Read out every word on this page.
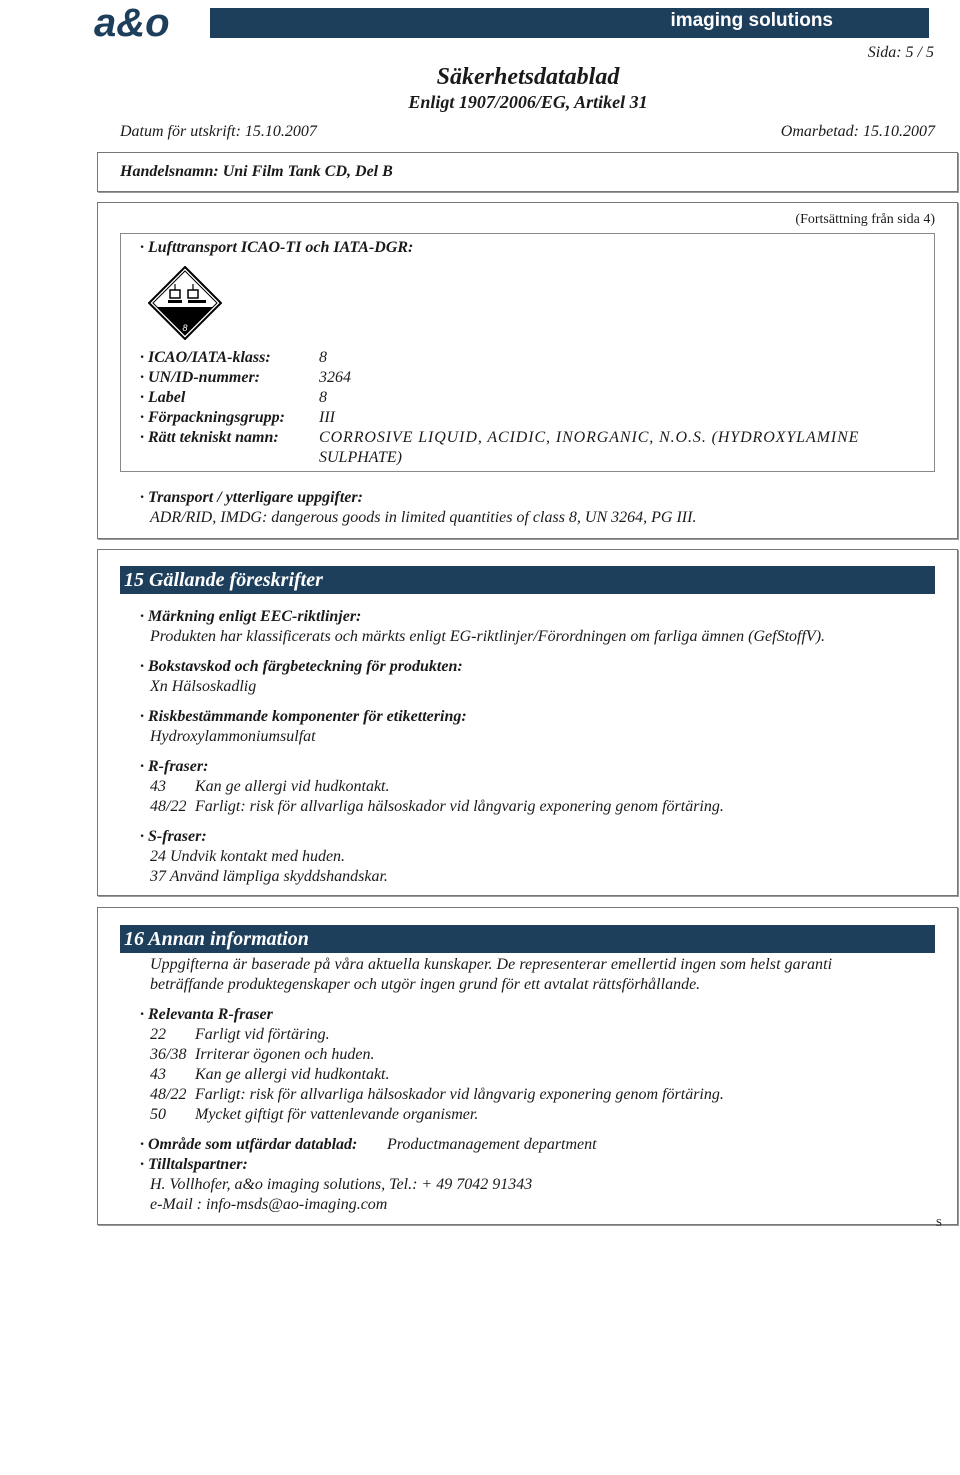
imaging solutions
a&o
Sida: 5 / 5
Säkerhetsdatablad
Enligt 1907/2006/EG, Artikel 31
Datum för utskrift: 15.10.2007	Omarbetad: 15.10.2007
Handelsnamn: Uni Film Tank CD, Del B
(Fortsättning från sida 4)
· Lufttransport ICAO-TI och IATA-DGR:
8
· ICAO/IATA-klass:	8
· UN/ID-nummer:	3264
· Label	8
· Förpackningsgrupp: III
· Rätt tekniskt namn:	CORROSIVE LIQUID, ACIDIC, INORGANIC, N.O.S. (HYDROXYLAMINE
SULPHATE)
· Transport / ytterligare uppgifter:
ADR/RID, IMDG: dangerous goods in limited quantities of class 8, UN 3264, PG III.
15 Gällande föreskrifter
· Märkning enligt EEC-riktlinjer:
Produkten har klassificerats och märkts enligt EG-riktlinjer/Förordningen om farliga ämnen (GefStoffV).
· Bokstavskod och färgbeteckning för produkten:
Xn Hälsoskadlig
· Riskbestämmande komponenter för etikettering:
Hydroxylammoniumsulfat
· R-fraser:
43 Kan ge allergi vid hudkontakt.
48/22 Farligt: risk för allvarliga hälsoskador vid långvarig exponering genom förtäring.
· S-fraser:
24 Undvik kontakt med huden.
37 Använd lämpliga skyddshandskar.
16 Annan information
Uppgifterna är baserade på våra aktuella kunskaper. De representerar emellertid ingen som helst garanti
beträffande produktegenskaper och utgör ingen grund för ett avtalat rättsförhållande.
· Relevanta R-fraser
22 Farligt vid förtäring.
36/38 Irriterar ögonen och huden.
43 Kan ge allergi vid hudkontakt.
48/22 Farligt: risk för allvarliga hälsoskador vid långvarig exponering genom förtäring.
50 Mycket giftigt för vattenlevande organismer.
· Område som utfärdar datablad: Productmanagement department
· Tilltalspartner:
H. Vollhofer, a&o imaging solutions, Tel.: + 49 7042 91343
e-Mail : info-msds@ao-imaging.com
S
